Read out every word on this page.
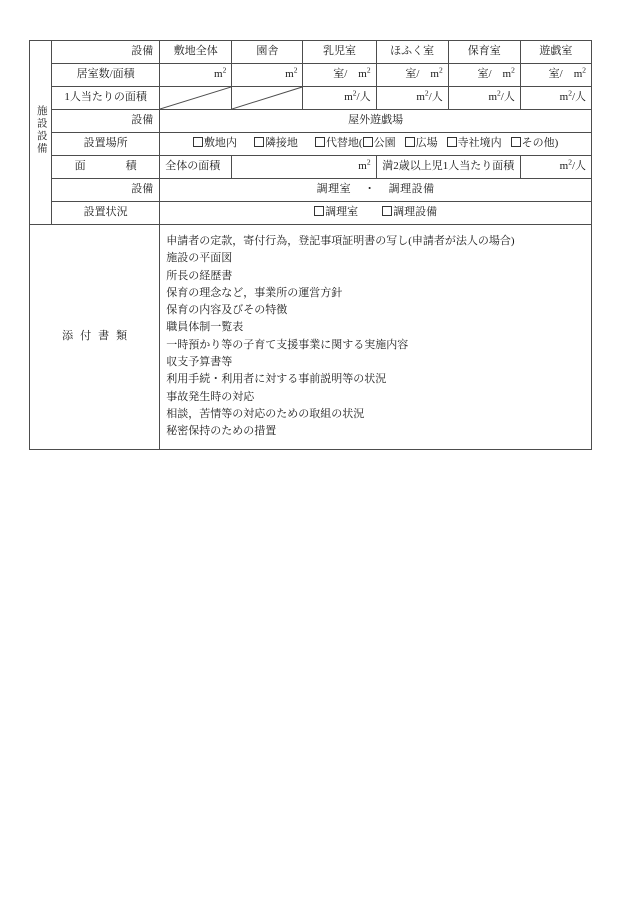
施設設備	設備	敷地全体	園舎	乳児室	ほふく室	保育室	遊戯室
	居室数/面積	$m^2$	$m^2$	室/ $m^2$	室/ $m^2$	室/ $m^2$	室/ $m^2$
	1人当たりの面積			$m^2/$人	$m^2/$人	$m^2/$人	$m^2/$人
	設備	屋外遊戯場					
	設置場所	敷地内 隣接地 代替地( 公園 広場 寺社境内 その他)					
	面　　積	全体の面積	$m^2$		満2歳以上児1人当たり面積		$m^2/$人
	設備	調理室 ・ 調理設備					
	設置状況	調理室 調理設備					
添付書類	
申請者の定款，寄付行為，登記事項証明書の写し(申請者が法人の場合)
施設の平面図
所長の経歴書
保育の理念など，事業所の運営方針
保育の内容及びその特徴
職員体制一覧表
一時預かり等の子育て支援事業に関する実施内容
収支予算書等
利用手続・利用者に対する事前説明等の状況
事故発生時の対応
相談，苦情等の対応のための取組の状況
秘密保持のための措置
